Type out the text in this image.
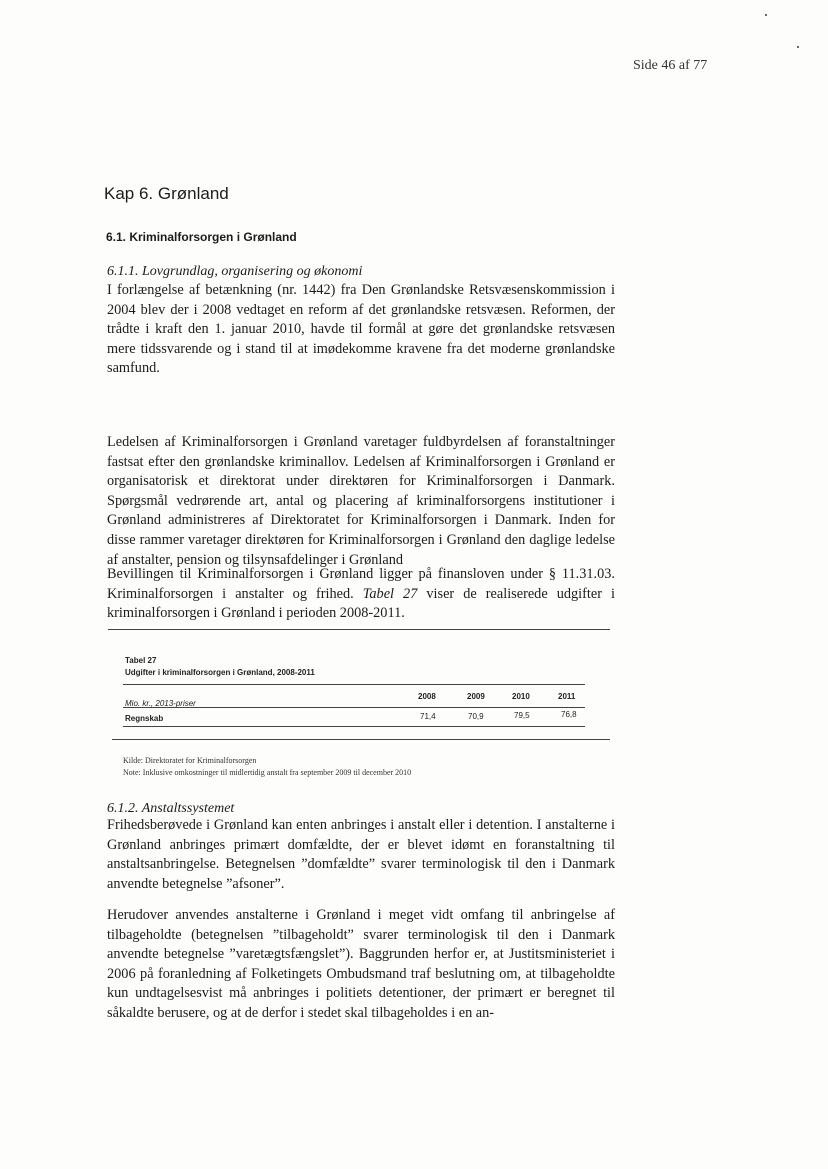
Side 46 af 77
Kap 6. Grønland
6.1. Kriminalforsorgen i Grønland
6.1.1. Lovgrundlag, organisering og økonomi

I forlængelse af betænkning (nr. 1442) fra Den Grønlandske Retsvæsenskommission i 2004 blev der i 2008 vedtaget en reform af det grønlandske retsvæsen. Reformen, der trådte i kraft den 1. januar 2010, havde til formål at gøre det grønlandske retsvæsen mere tidssvarende og i stand til at imødekomme kravene fra det moderne grønlandske samfund.

Ledelsen af Kriminalforsorgen i Grønland varetager fuldbyrdelsen af foranstaltninger fastsat efter den grønlandske kriminallov. Ledelsen af Kriminalforsorgen i Grønland er organisatorisk et direktorat under direktøren for Kriminalforsorgen i Danmark. Spørgsmål vedrørende art, antal og placering af kriminalforsorgens institutioner i Grønland administreres af Direktoratet for Kriminalforsorgen i Danmark. Inden for disse rammer varetager direktøren for Kriminalforsorgen i Grønland den daglige ledelse af anstalter, pension og tilsynsafdelinger i Grønland

Bevillingen til Kriminalforsorgen i Grønland ligger på finansloven under § 11.31.03. Kriminalforsorgen i anstalter og frihed. Tabel 27 viser de realiserede udgifter i kriminalforsorgen i Grønland i perioden 2008-2011.

Tabel 27
Udgifter i kriminalforsorgen i Grønland, 2008-2011
Mio. kr., 2013-priser
2008	2009	2010	2011
Regnskab	71,4	70,9	79,5	76,8
Kilde: Direktoratet for Kriminalforsorgen
Note: Inklusive omkostninger til midlertidig anstalt fra september 2009 til december 2010
6.1.2. Anstaltssystemet

Frihedsberøvede i Grønland kan enten anbringes i anstalt eller i detention. I anstalterne i Grønland anbringes primært domfældte, der er blevet idømt en foranstaltning til anstaltsanbringelse. Betegnelsen ”domfældte” svarer terminologisk til den i Danmark anvendte betegnelse ”afsoner”.

Herudover anvendes anstalterne i Grønland i meget vidt omfang til anbringelse af tilbageholdte (betegnelsen ”tilbageholdt” svarer terminologisk til den i Danmark anvendte betegnelse ”varetægtsfængslet”). Baggrunden herfor er, at Justitsministeriet i 2006 på foranledning af Folketingets Ombudsmand traf beslutning om, at tilbageholdte kun undtagelsesvist må anbringes i politiets detentioner, der primært er beregnet til såkaldte berusere, og at de derfor i stedet skal tilbageholdes i en an-
